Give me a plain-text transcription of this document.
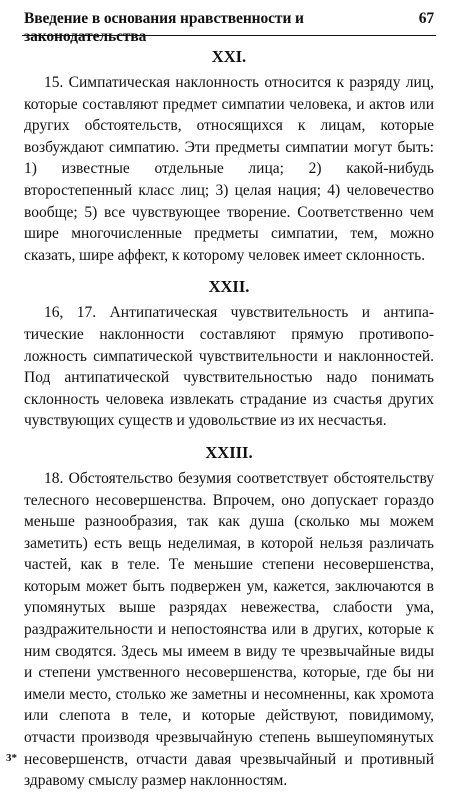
Введение в основания нравственности и законодательства
67
XXI.

15. Симпатическая наклонность относится к разряду лиц, которые составляют предмет симпатии человека, и актов или других обстоятельств, относящихся к лицам, которые возбуждают симпатию. Эти предметы симпатии могут быть: 1) известные отдельные лица; 2) какой-нибудь второстепенный класс лиц; 3) целая нация; 4) человечество вообще; 5) все чувствующее творение. Соответственно чем шире многочисленные предметы симпатии, тем, можно сказать, шире аффект, к которому человек имеет склонность.

XXII.

16, 17. Антипатическая чувствительность и антипатические наклонности составляют прямую противоположность симпатической чувствительности и наклонностей. Под антипатической чувствительностью надо понимать склонность человека извлекать страдание из счастья других чувствующих существ и удовольствие из их несчастья.

XXIII.

18. Обстоятельство безумия соответствует обстоятельству телесного несовершенства. Впрочем, оно допускает гораздо меньше разнообразия, так как душа (сколько мы можем заметить) есть вещь неделимая, в которой нельзя различать частей, как в теле. Те меньшие степени несовершенства, которым может быть подвержен ум, кажется, заключаются в упомянутых выше разрядах невежества, слабости ума, раздражительности и непостоянства или в других, которые к ним сводятся. Здесь мы имеем в виду те чрезвычайные виды и степени умственного несовершенства, которые, где бы ни имели место, столько же заметны и несомненны, как хромота или слепота в теле, и которые действуют, повидимому, отчасти производя чрезвычайную степень вышеупомянутых несовершенств, отчасти давая чрезвычайный и противный здравому смыслу размер наклонностям.

3*
